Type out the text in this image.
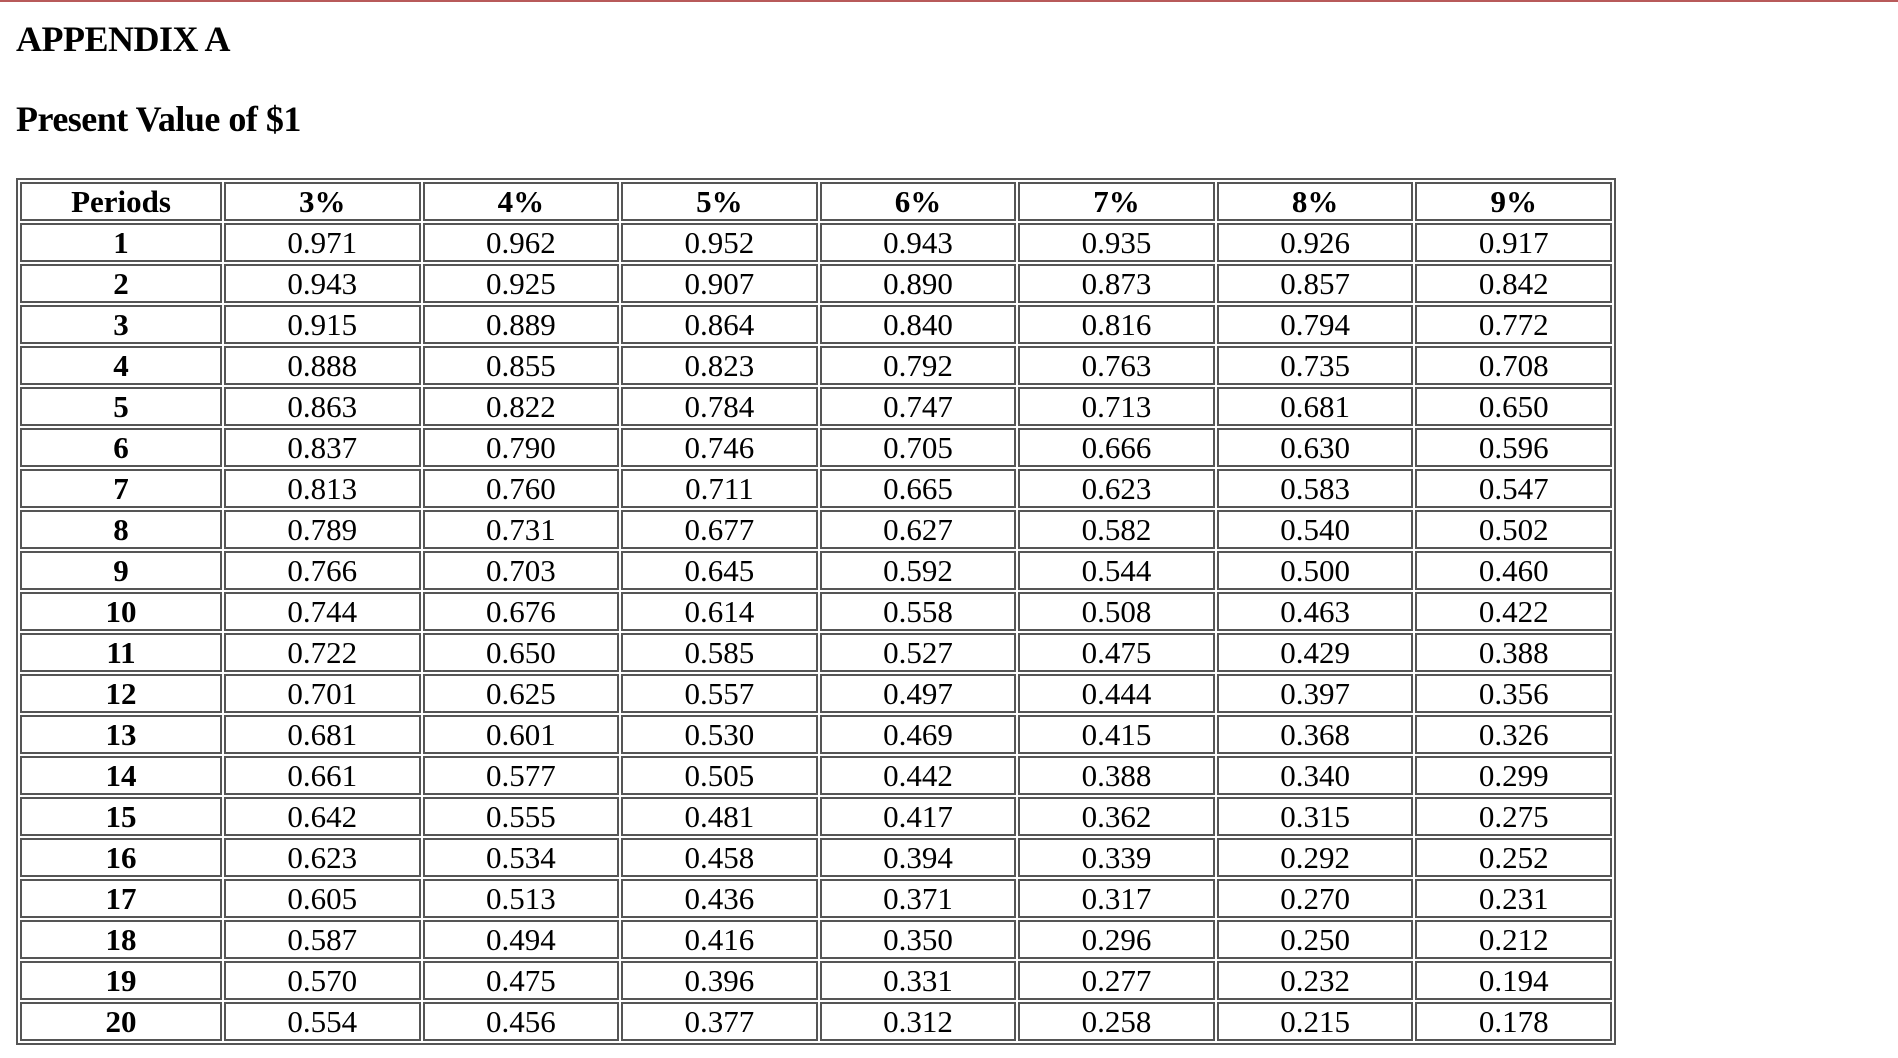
APPENDIX A
Present Value of $1
Periods	3%	4%	5%	6%	7%	8%	9%
1	0.971	0.962	0.952	0.943	0.935	0.926	0.917
2	0.943	0.925	0.907	0.890	0.873	0.857	0.842
3	0.915	0.889	0.864	0.840	0.816	0.794	0.772
4	0.888	0.855	0.823	0.792	0.763	0.735	0.708
5	0.863	0.822	0.784	0.747	0.713	0.681	0.650
6	0.837	0.790	0.746	0.705	0.666	0.630	0.596
7	0.813	0.760	0.711	0.665	0.623	0.583	0.547
8	0.789	0.731	0.677	0.627	0.582	0.540	0.502
9	0.766	0.703	0.645	0.592	0.544	0.500	0.460
10	0.744	0.676	0.614	0.558	0.508	0.463	0.422
11	0.722	0.650	0.585	0.527	0.475	0.429	0.388
12	0.701	0.625	0.557	0.497	0.444	0.397	0.356
13	0.681	0.601	0.530	0.469	0.415	0.368	0.326
14	0.661	0.577	0.505	0.442	0.388	0.340	0.299
15	0.642	0.555	0.481	0.417	0.362	0.315	0.275
16	0.623	0.534	0.458	0.394	0.339	0.292	0.252
17	0.605	0.513	0.436	0.371	0.317	0.270	0.231
18	0.587	0.494	0.416	0.350	0.296	0.250	0.212
19	0.570	0.475	0.396	0.331	0.277	0.232	0.194
20	0.554	0.456	0.377	0.312	0.258	0.215	0.178
